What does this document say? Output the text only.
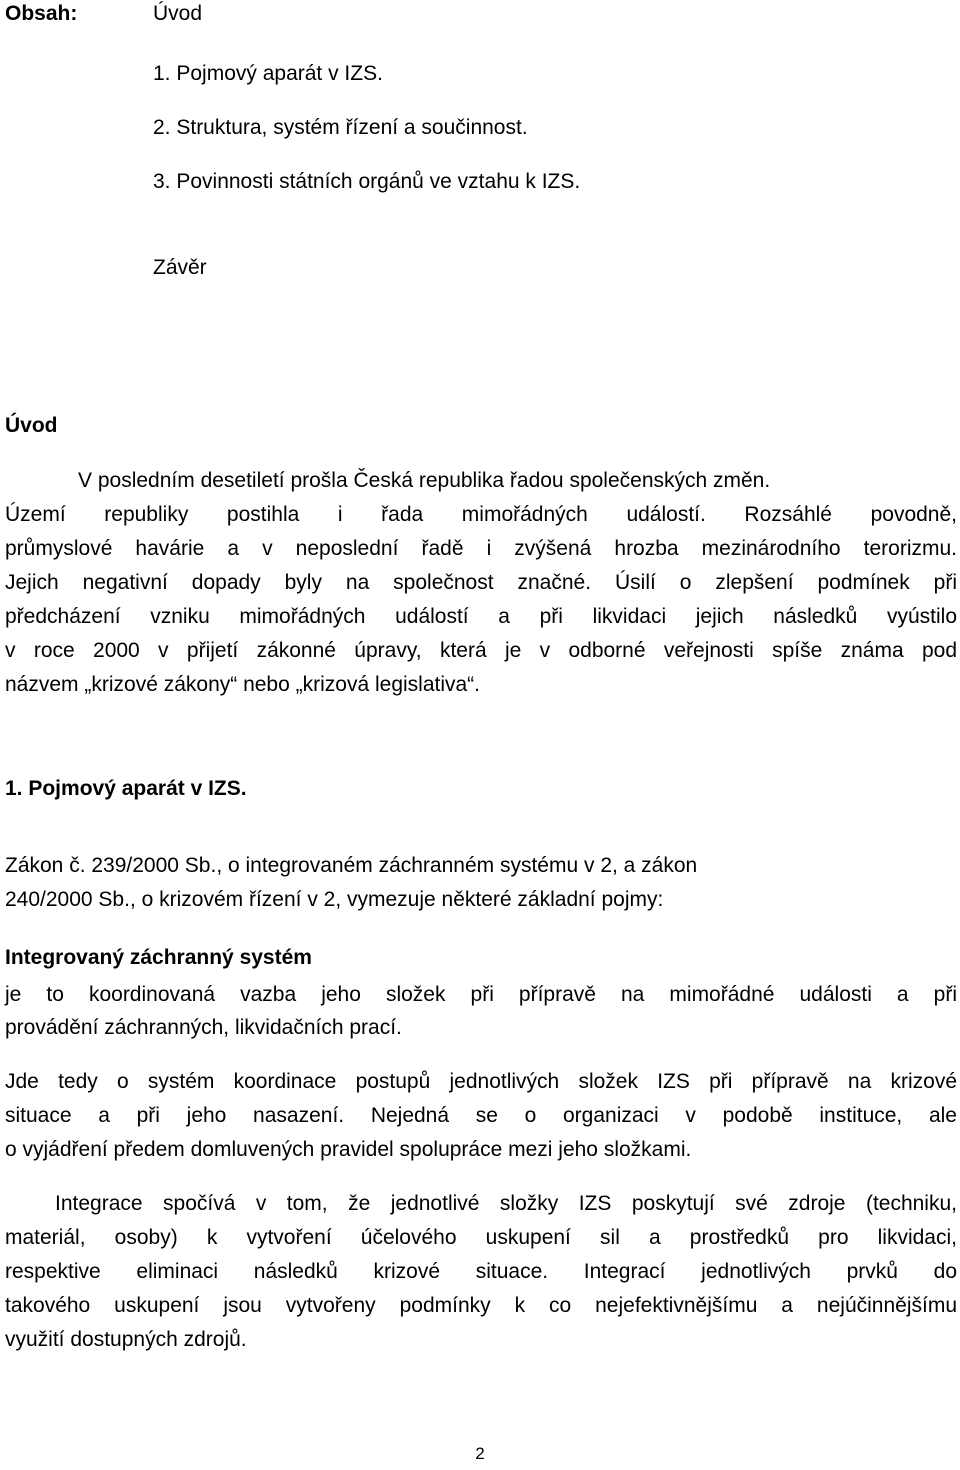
Obsah:	Úvod
1. Pojmový aparát v IZS.
2. Struktura, systém řízení a součinnost.
3. Povinnosti státních orgánů ve vztahu k IZS.
Závěr
Úvod
V posledním desetiletí prošla Česká republika řadou společenských změn.
Území republiky postihla i řada mimořádných událostí. Rozsáhlé povodně,
průmyslové havárie a v neposlední řadě i zvýšená hrozba mezinárodního terorizmu.
Jejich negativní dopady byly na společnost značné. Úsilí o zlepšení podmínek při
předcházení vzniku mimořádných událostí a při likvidaci jejich následků vyústilo
v roce 2000 v přijetí zákonné úpravy, která je v odborné veřejnosti spíše známa pod
názvem „krizové zákony“ nebo „krizová legislativa“.
1. Pojmový aparát v IZS.
Zákon č. 239/2000 Sb., o integrovaném záchranném systému v 2, a zákon
240/2000 Sb., o krizovém řízení v 2, vymezuje některé základní pojmy:
Integrovaný záchranný systém
je to koordinovaná vazba jeho složek při přípravě na mimořádné události a při
provádění záchranných, likvidačních prací.
Jde tedy o systém koordinace postupů jednotlivých složek IZS při přípravě na krizové
situace a při jeho nasazení. Nejedná se o organizaci v podobě instituce, ale
o vyjádření předem domluvených pravidel spolupráce mezi jeho složkami.
Integrace spočívá v tom, že jednotlivé složky IZS poskytují své zdroje (techniku,
materiál, osoby) k vytvoření účelového uskupení sil a prostředků pro likvidaci,
respektive eliminaci následků krizové situace. Integrací jednotlivých prvků do
takového uskupení jsou vytvořeny podmínky k co nejefektivnějšímu a nejúčinnějšímu
využití dostupných zdrojů.
2
